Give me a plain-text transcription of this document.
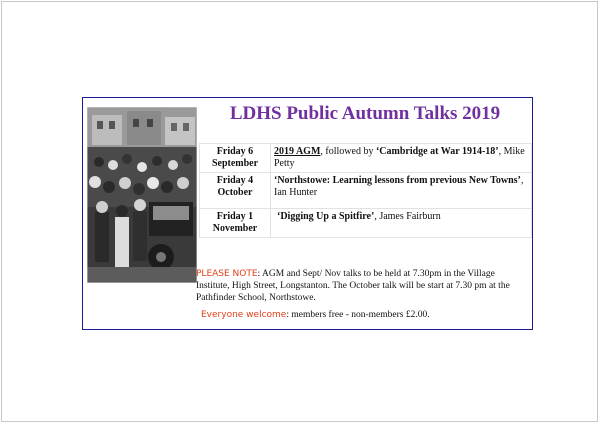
LDHS Public Autumn Talks 2019
Friday 6
September	2019 AGM, followed by ‘Cambridge at War 1914-18’, Mike Petty
Friday 4
October	‘Northstowe: Learning lessons from previous New Towns’, Ian Hunter
Friday 1
November	‘Digging Up a Spitfire’, James Fairburn
PLEASE NOTE: AGM and Sept/ Nov talks to be held at 7.30pm in the Village Institute, High Street, Longstanton. The October talk will be start at 7.30 pm at the Pathfinder School, Northstowe.
Everyone welcome: members free - non-members £2.00.
